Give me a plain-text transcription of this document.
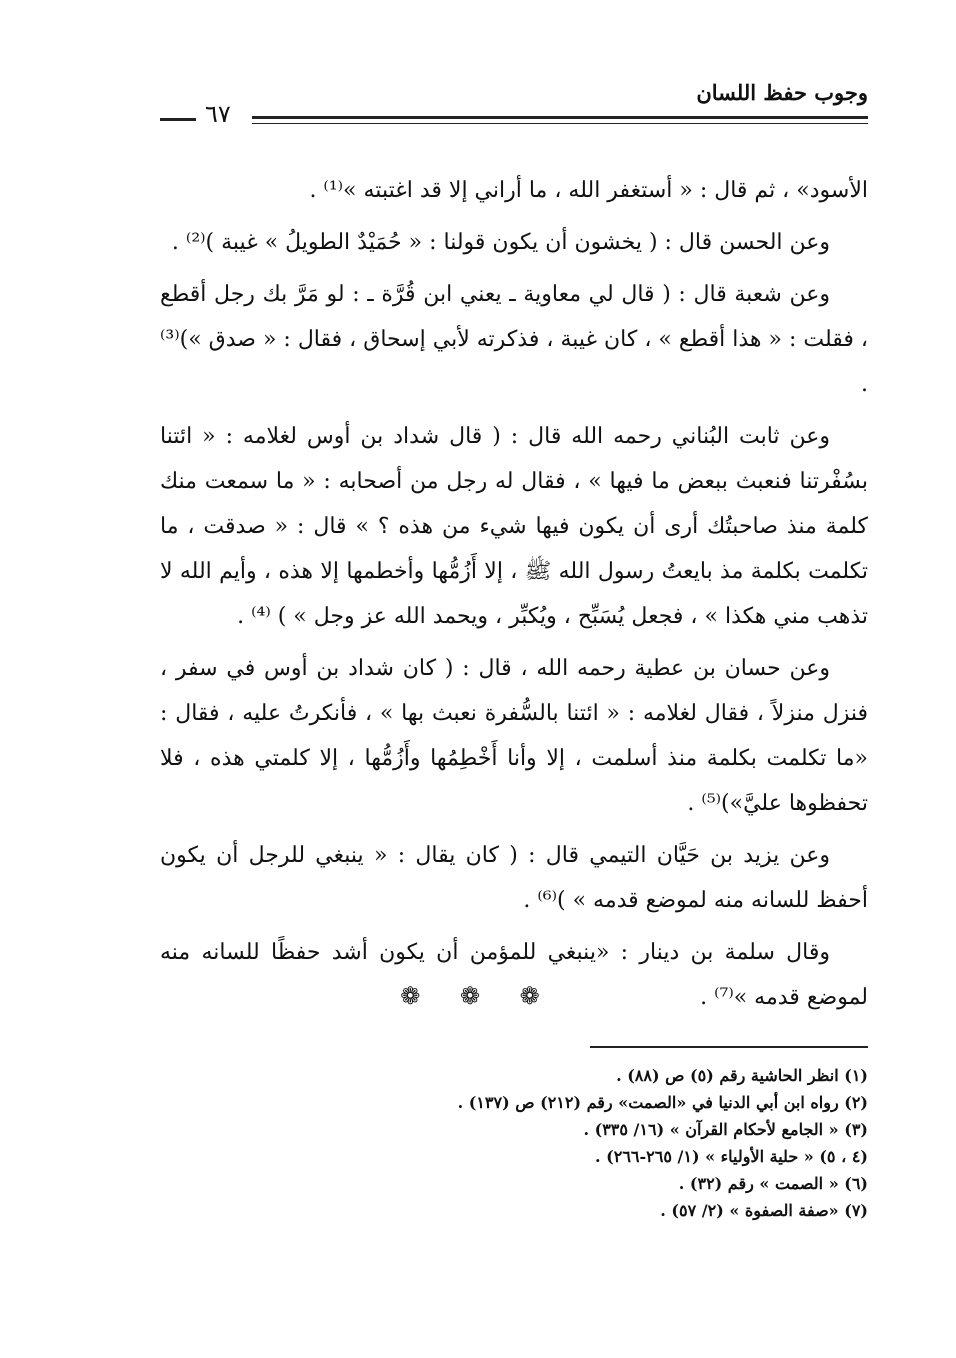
وجوب حفظ اللسان
٦٧

الأسود» ، ثم قال : « أستغفر الله ، ما أراني إلا قد اغتبته »⁽¹⁾ .

وعن الحسن قال : ( يخشون أن يكون قولنا : « حُمَيْدٌ الطويلُ » غيبة )⁽²⁾ .

وعن شعبة قال : ( قال لي معاوية ـ يعني ابن قُرَّة ـ : لو مَرَّ بك رجل أقطع ، فقلت : « هذا أقطع » ، كان غيبة ، فذكرته لأبي إسحاق ، فقال : « صدق »)⁽³⁾ .

وعن ثابت البُناني رحمه الله قال : ( قال شداد بن أوس لغلامه : « ائتنا بسُفْرتنا فنعبث ببعض ما فيها » ، فقال له رجل من أصحابه : « ما سمعت منك كلمة منذ صاحبتُك أرى أن يكون فيها شيء من هذه ؟ » قال : « صدقت ، ما تكلمت بكلمة مذ بايعتُ رسول الله ﷺ ، إلا أَزُمُّها وأخطمها إلا هذه ، وأيم الله لا تذهب مني هكذا » ، فجعل يُسَبِّح ، ويُكبِّر ، ويحمد الله عز وجل » ) ⁽⁴⁾ .

وعن حسان بن عطية رحمه الله ، قال : ( كان شداد بن أوس في سفر ، فنزل منزلاً ، فقال لغلامه : « ائتنا بالسُّفرة نعبث بها » ، فأنكرتُ عليه ، فقال : «ما تكلمت بكلمة منذ أسلمت ، إلا وأنا أَخْطِمُها وأَزُمُّها ، إلا كلمتي هذه ، فلا تحفظوها عليَّ»)⁽⁵⁾ .

وعن يزيد بن حَيَّان التيمي قال : ( كان يقال : « ينبغي للرجل أن يكون أحفظ للسانه منه لموضع قدمه » )⁽⁶⁾ .

وقال سلمة بن دينار : «ينبغي للمؤمن أن يكون أشد حفظًا للسانه منه لموضع قدمه »⁽⁷⁾ .

❁ ❁ ❁
(١) انظر الحاشية رقم (٥) ص (٨٨) .
(٢) رواه ابن أبي الدنيا في «الصمت» رقم (٢١٢) ص (١٣٧) .
(٣) « الجامع لأحكام القرآن » (١٦/ ٣٣٥) .
(٤ ، ٥) « حلية الأولياء » (١/ ٢٦٥-٢٦٦) .
(٦) « الصمت » رقم (٣٢) .
(٧) «صفة الصفوة » (٢/ ٥٧) .
